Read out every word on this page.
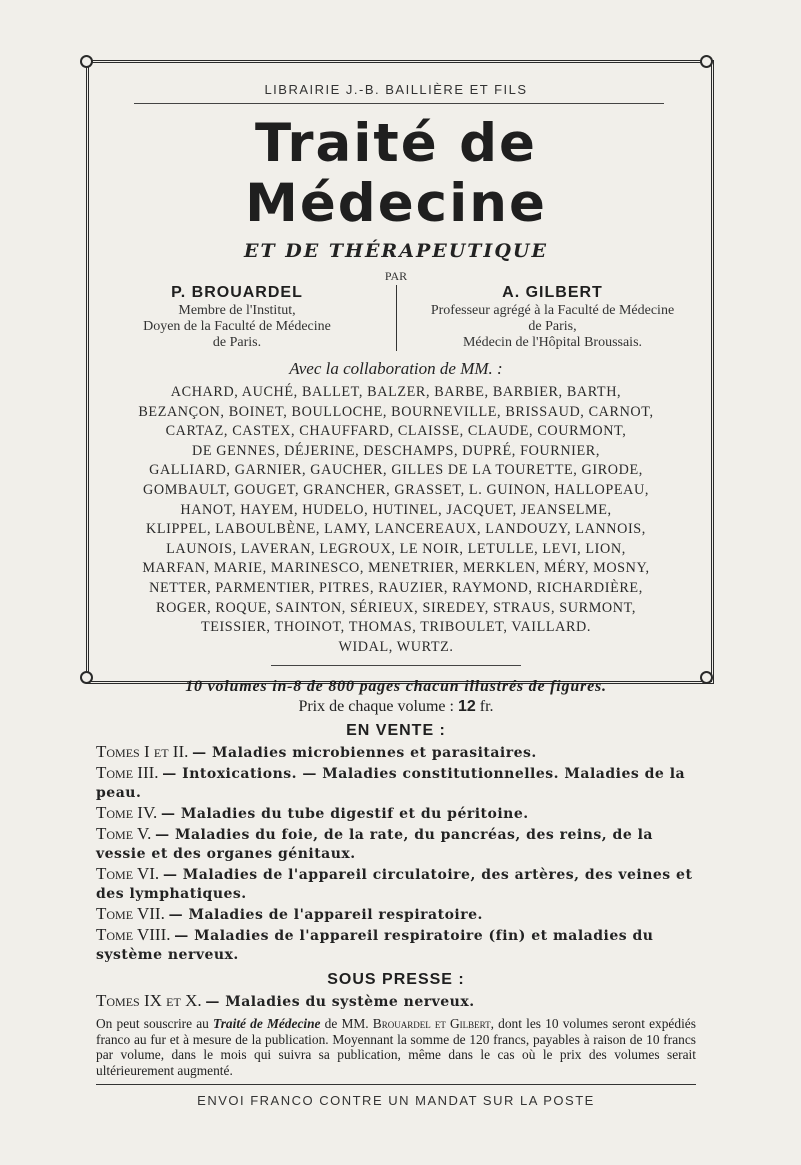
LIBRAIRIE J.-B. BAILLIÈRE ET FILS
Traité de Médecine
ET DE THÉRAPEUTIQUE
PAR
P. BROUARDEL
Membre de l'Institut,
Doyen de la Faculté de Médecine
de Paris.
A. GILBERT
Professeur agrégé à la Faculté de Médecine
de Paris,
Médecin de l'Hôpital Broussais.
Avec la collaboration de MM. :
ACHARD, AUCHÉ, BALLET, BALZER, BARBE, BARBIER, BARTH,
BEZANÇON, BOINET, BOULLOCHE, BOURNEVILLE, BRISSAUD, CARNOT,
CARTAZ, CASTEX, CHAUFFARD, CLAISSE, CLAUDE, COURMONT,
DE GENNES, DÉJERINE, DESCHAMPS, DUPRÉ, FOURNIER,
GALLIARD, GARNIER, GAUCHER, GILLES DE LA TOURETTE, GIRODE,
GOMBAULT, GOUGET, GRANCHER, GRASSET, L. GUINON, HALLOPEAU,
HANOT, HAYEM, HUDELO, HUTINEL, JACQUET, JEANSELME,
KLIPPEL, LABOULBÈNE, LAMY, LANCEREAUX, LANDOUZY, LANNOIS,
LAUNOIS, LAVERAN, LEGROUX, LE NOIR, LETULLE, LEVI, LION,
MARFAN, MARIE, MARINESCO, MENETRIER, MERKLEN, MÉRY, MOSNY,
NETTER, PARMENTIER, PITRES, RAUZIER, RAYMOND, RICHARDIÈRE,
ROGER, ROQUE, SAINTON, SÉRIEUX, SIREDEY, STRAUS, SURMONT,
TEISSIER, THOINOT, THOMAS, TRIBOULET, VAILLARD.
WIDAL, WURTZ.
10 volumes in-8 de 800 pages chacun illustrés de figures.
Prix de chaque volume : 12 fr.
EN VENTE :

Tomes I et II. — Maladies microbiennes et parasitaires.

Tome III. — Intoxications. — Maladies constitutionnelles. Maladies de la peau.

Tome IV. — Maladies du tube digestif et du péritoine.

Tome V. — Maladies du foie, de la rate, du pancréas, des reins, de la vessie et des organes génitaux.

Tome VI. — Maladies de l'appareil circulatoire, des artères, des veines et des lymphatiques.

Tome VII. — Maladies de l'appareil respiratoire.

Tome VIII. — Maladies de l'appareil respiratoire (fin) et maladies du système nerveux.

SOUS PRESSE :

Tomes IX et X. — Maladies du système nerveux.

On peut souscrire au Traité de Médecine de MM. Brouardel et Gilbert, dont les 10 volumes seront expédiés franco au fur et à mesure de la publication. Moyennant la somme de 120 francs, payables à raison de 10 francs par volume, dans le mois qui suivra sa publication, même dans le cas où le prix des volumes serait ultérieurement augmenté.
ENVOI FRANCO CONTRE UN MANDAT SUR LA POSTE
